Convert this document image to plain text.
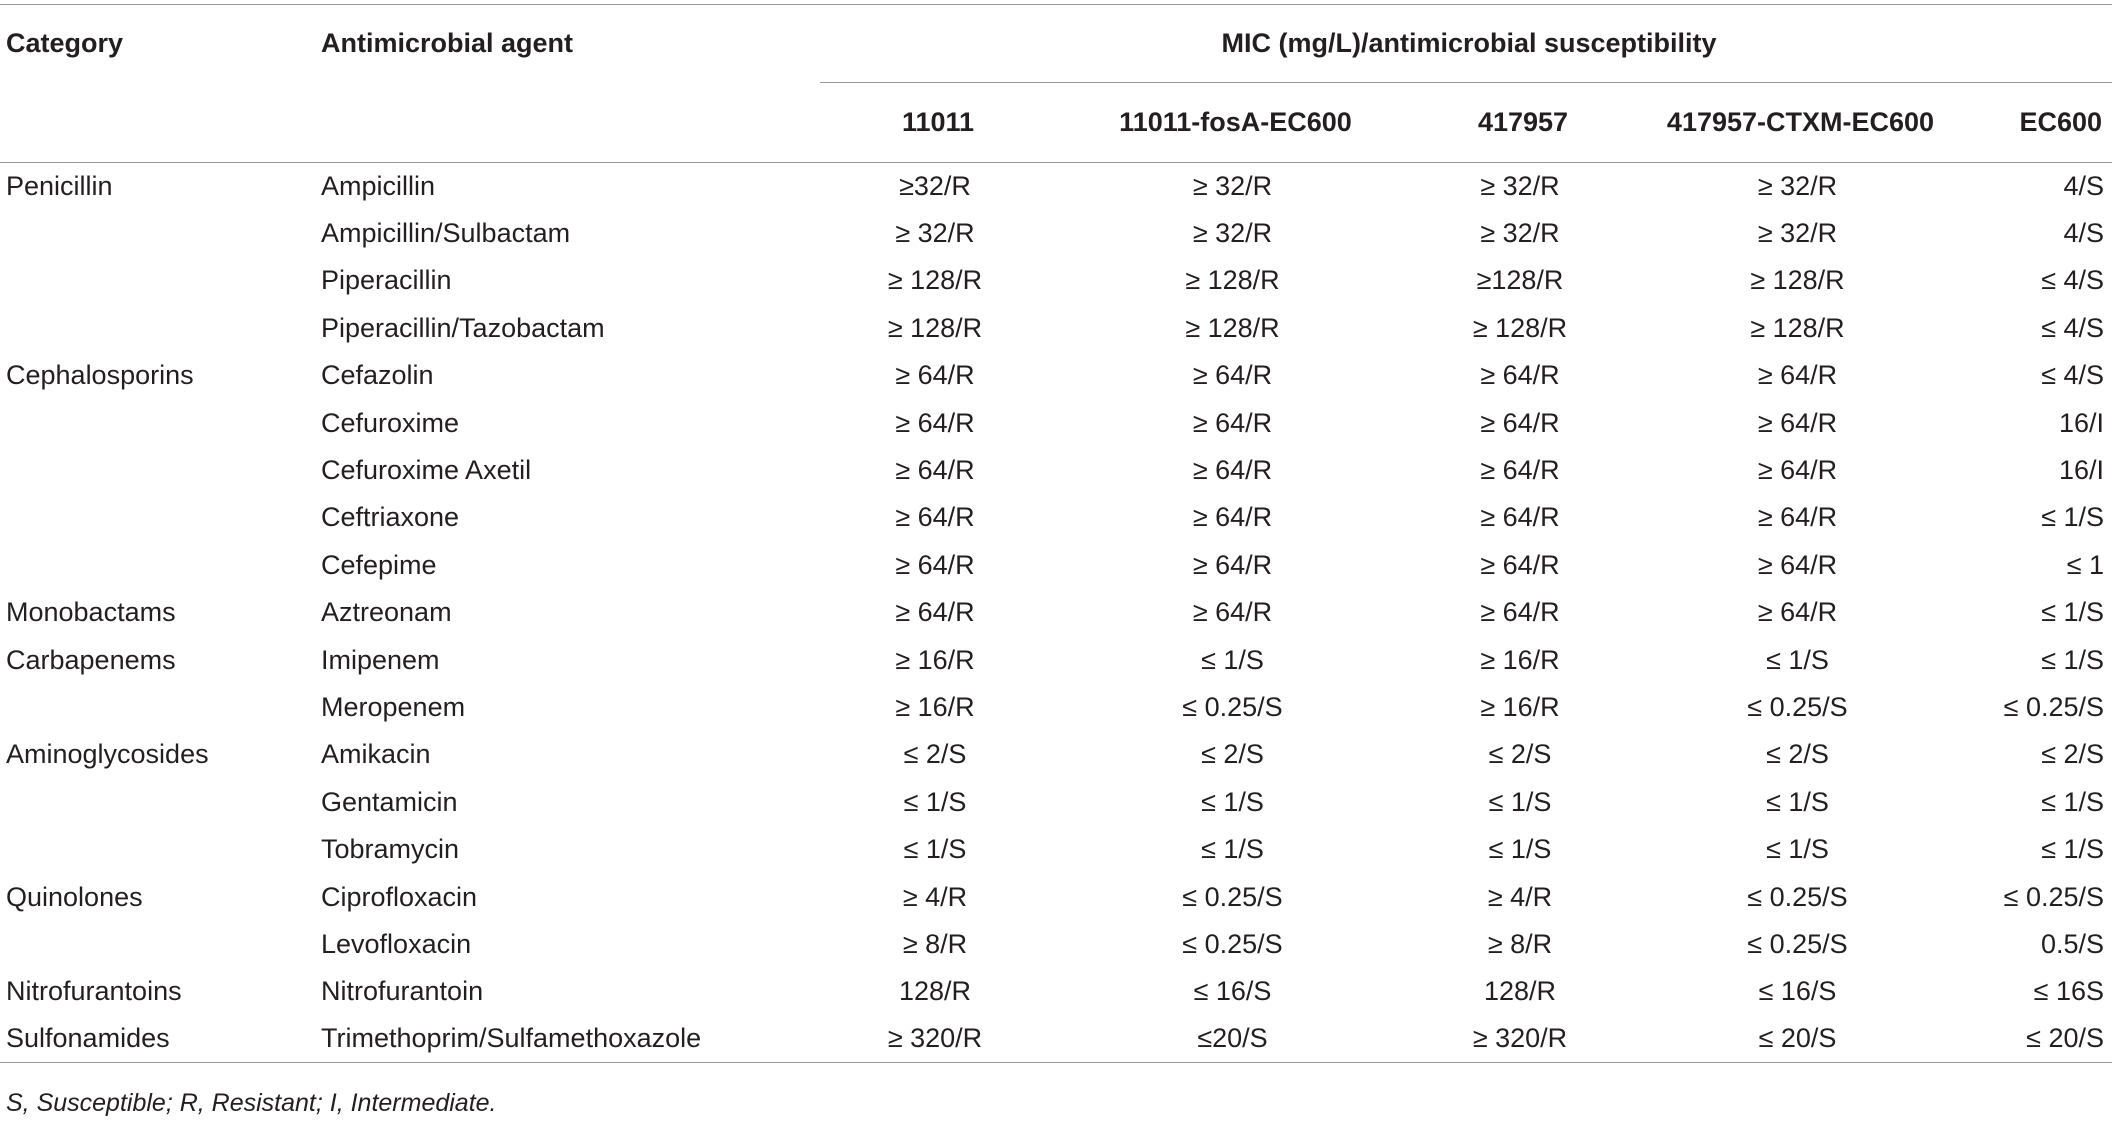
Category	Antimicrobial agent	MIC (mg/L)/antimicrobial susceptibility				
		11011	11011-fosA-EC600	417957	417957-CTXM-EC600	EC600
Penicillin	Ampicillin	≥32/R	≥ 32/R	≥ 32/R	≥ 32/R	4/S
	Ampicillin/Sulbactam	≥ 32/R	≥ 32/R	≥ 32/R	≥ 32/R	4/S
	Piperacillin	≥ 128/R	≥ 128/R	≥128/R	≥ 128/R	≤ 4/S
	Piperacillin/Tazobactam	≥ 128/R	≥ 128/R	≥ 128/R	≥ 128/R	≤ 4/S
Cephalosporins	Cefazolin	≥ 64/R	≥ 64/R	≥ 64/R	≥ 64/R	≤ 4/S
	Cefuroxime	≥ 64/R	≥ 64/R	≥ 64/R	≥ 64/R	16/I
	Cefuroxime Axetil	≥ 64/R	≥ 64/R	≥ 64/R	≥ 64/R	16/I
	Ceftriaxone	≥ 64/R	≥ 64/R	≥ 64/R	≥ 64/R	≤ 1/S
	Cefepime	≥ 64/R	≥ 64/R	≥ 64/R	≥ 64/R	≤ 1
Monobactams	Aztreonam	≥ 64/R	≥ 64/R	≥ 64/R	≥ 64/R	≤ 1/S
Carbapenems	Imipenem	≥ 16/R	≤ 1/S	≥ 16/R	≤ 1/S	≤ 1/S
	Meropenem	≥ 16/R	≤ 0.25/S	≥ 16/R	≤ 0.25/S	≤ 0.25/S
Aminoglycosides	Amikacin	≤ 2/S	≤ 2/S	≤ 2/S	≤ 2/S	≤ 2/S
	Gentamicin	≤ 1/S	≤ 1/S	≤ 1/S	≤ 1/S	≤ 1/S
	Tobramycin	≤ 1/S	≤ 1/S	≤ 1/S	≤ 1/S	≤ 1/S
Quinolones	Ciprofloxacin	≥ 4/R	≤ 0.25/S	≥ 4/R	≤ 0.25/S	≤ 0.25/S
	Levofloxacin	≥ 8/R	≤ 0.25/S	≥ 8/R	≤ 0.25/S	0.5/S
Nitrofurantoins	Nitrofurantoin	128/R	≤ 16/S	128/R	≤ 16/S	≤ 16S
Sulfonamides	Trimethoprim/Sulfamethoxazole	≥ 320/R	≤20/S	≥ 320/R	≤ 20/S	≤ 20/S
S, Susceptible; R, Resistant; I, Intermediate.
